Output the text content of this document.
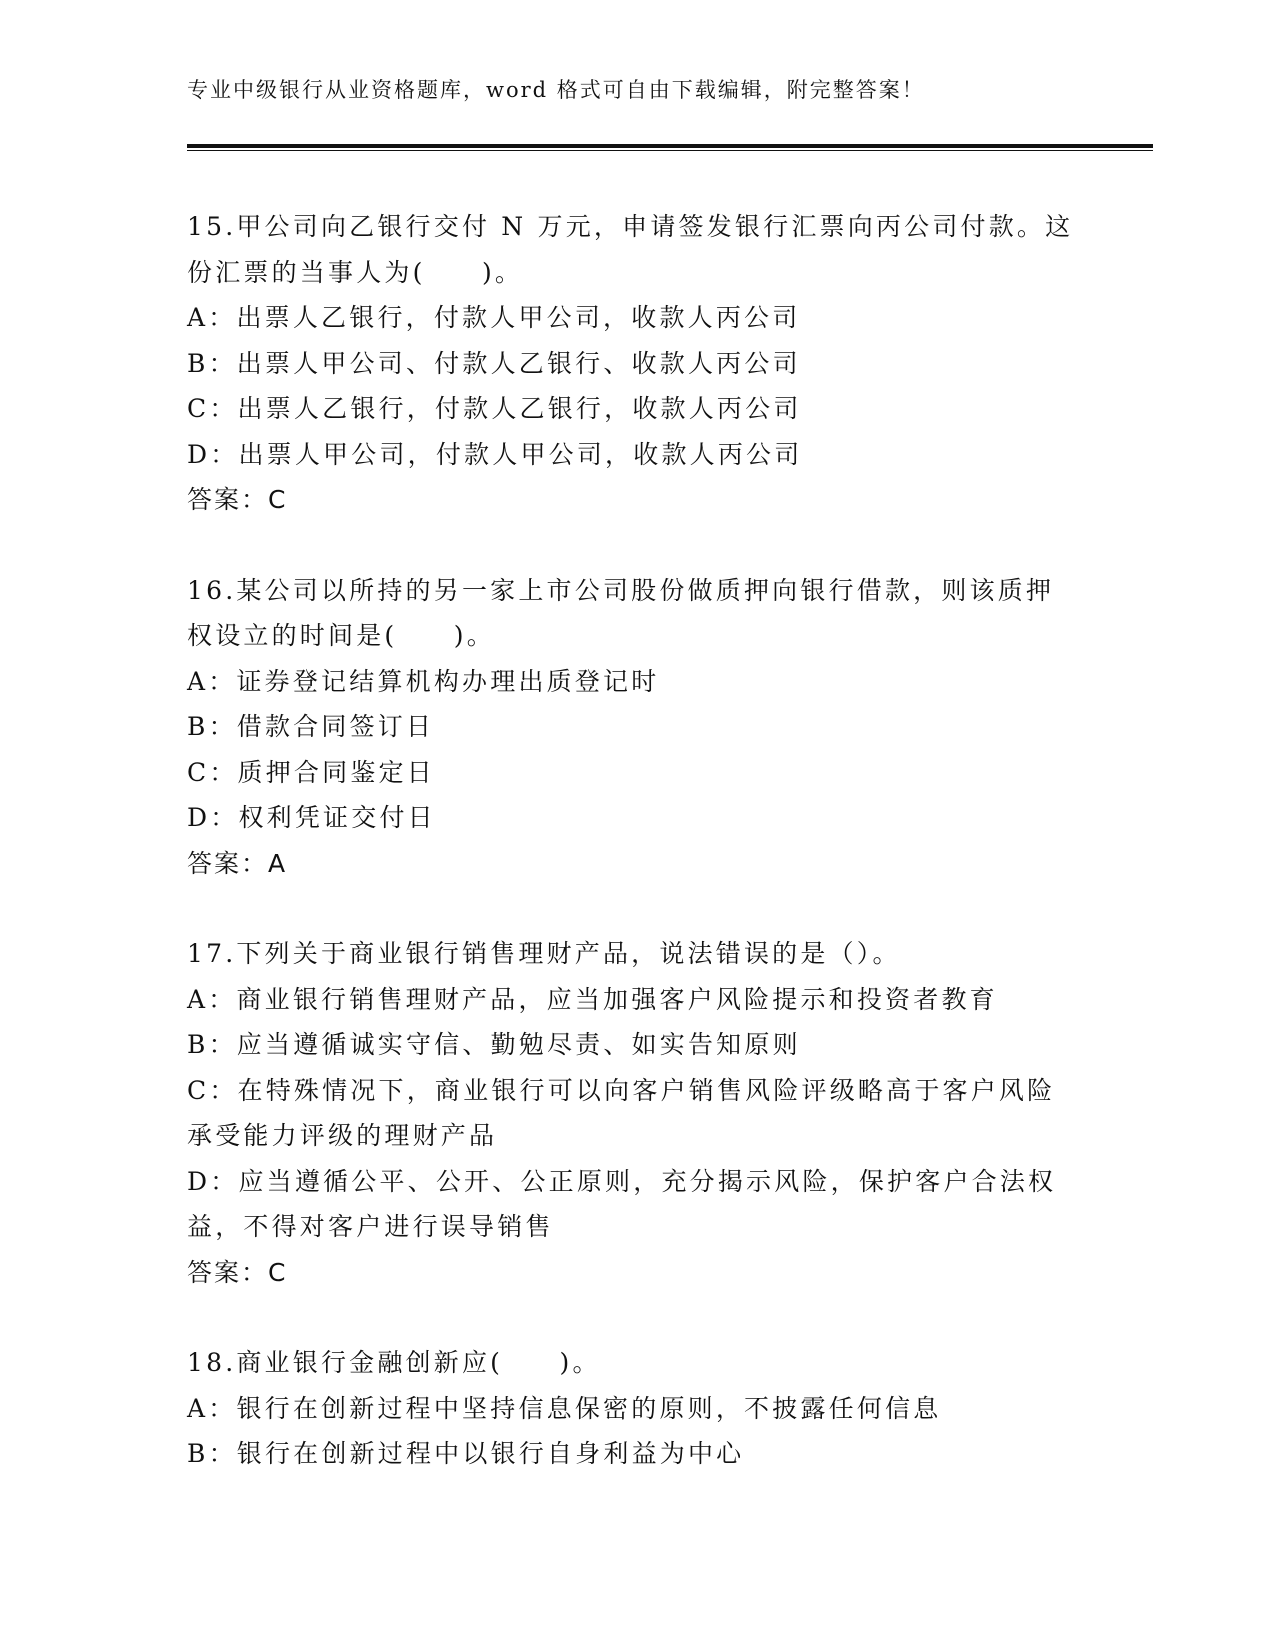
专业中级银行从业资格题库，word 格式可自由下载编辑，附完整答案！
15.甲公司向乙银行交付 N 万元，申请签发银行汇票向丙公司付款。这
份汇票的当事人为(　　)。
A：出票人乙银行，付款人甲公司，收款人丙公司
B：出票人甲公司、付款人乙银行、收款人丙公司
C：出票人乙银行，付款人乙银行，收款人丙公司
D：出票人甲公司，付款人甲公司，收款人丙公司
答案：C
16.某公司以所持的另一家上市公司股份做质押向银行借款，则该质押
权设立的时间是(　　)。
A：证券登记结算机构办理出质登记时
B：借款合同签订日
C：质押合同鉴定日
D：权利凭证交付日
答案：A
17.下列关于商业银行销售理财产品，说法错误的是（）。
A：商业银行销售理财产品，应当加强客户风险提示和投资者教育
B：应当遵循诚实守信、勤勉尽责、如实告知原则
C：在特殊情况下，商业银行可以向客户销售风险评级略高于客户风险
承受能力评级的理财产品
D：应当遵循公平、公开、公正原则，充分揭示风险，保护客户合法权
益，不得对客户进行误导销售
答案：C
18.商业银行金融创新应(　　)。
A：银行在创新过程中坚持信息保密的原则，不披露任何信息
B：银行在创新过程中以银行自身利益为中心
